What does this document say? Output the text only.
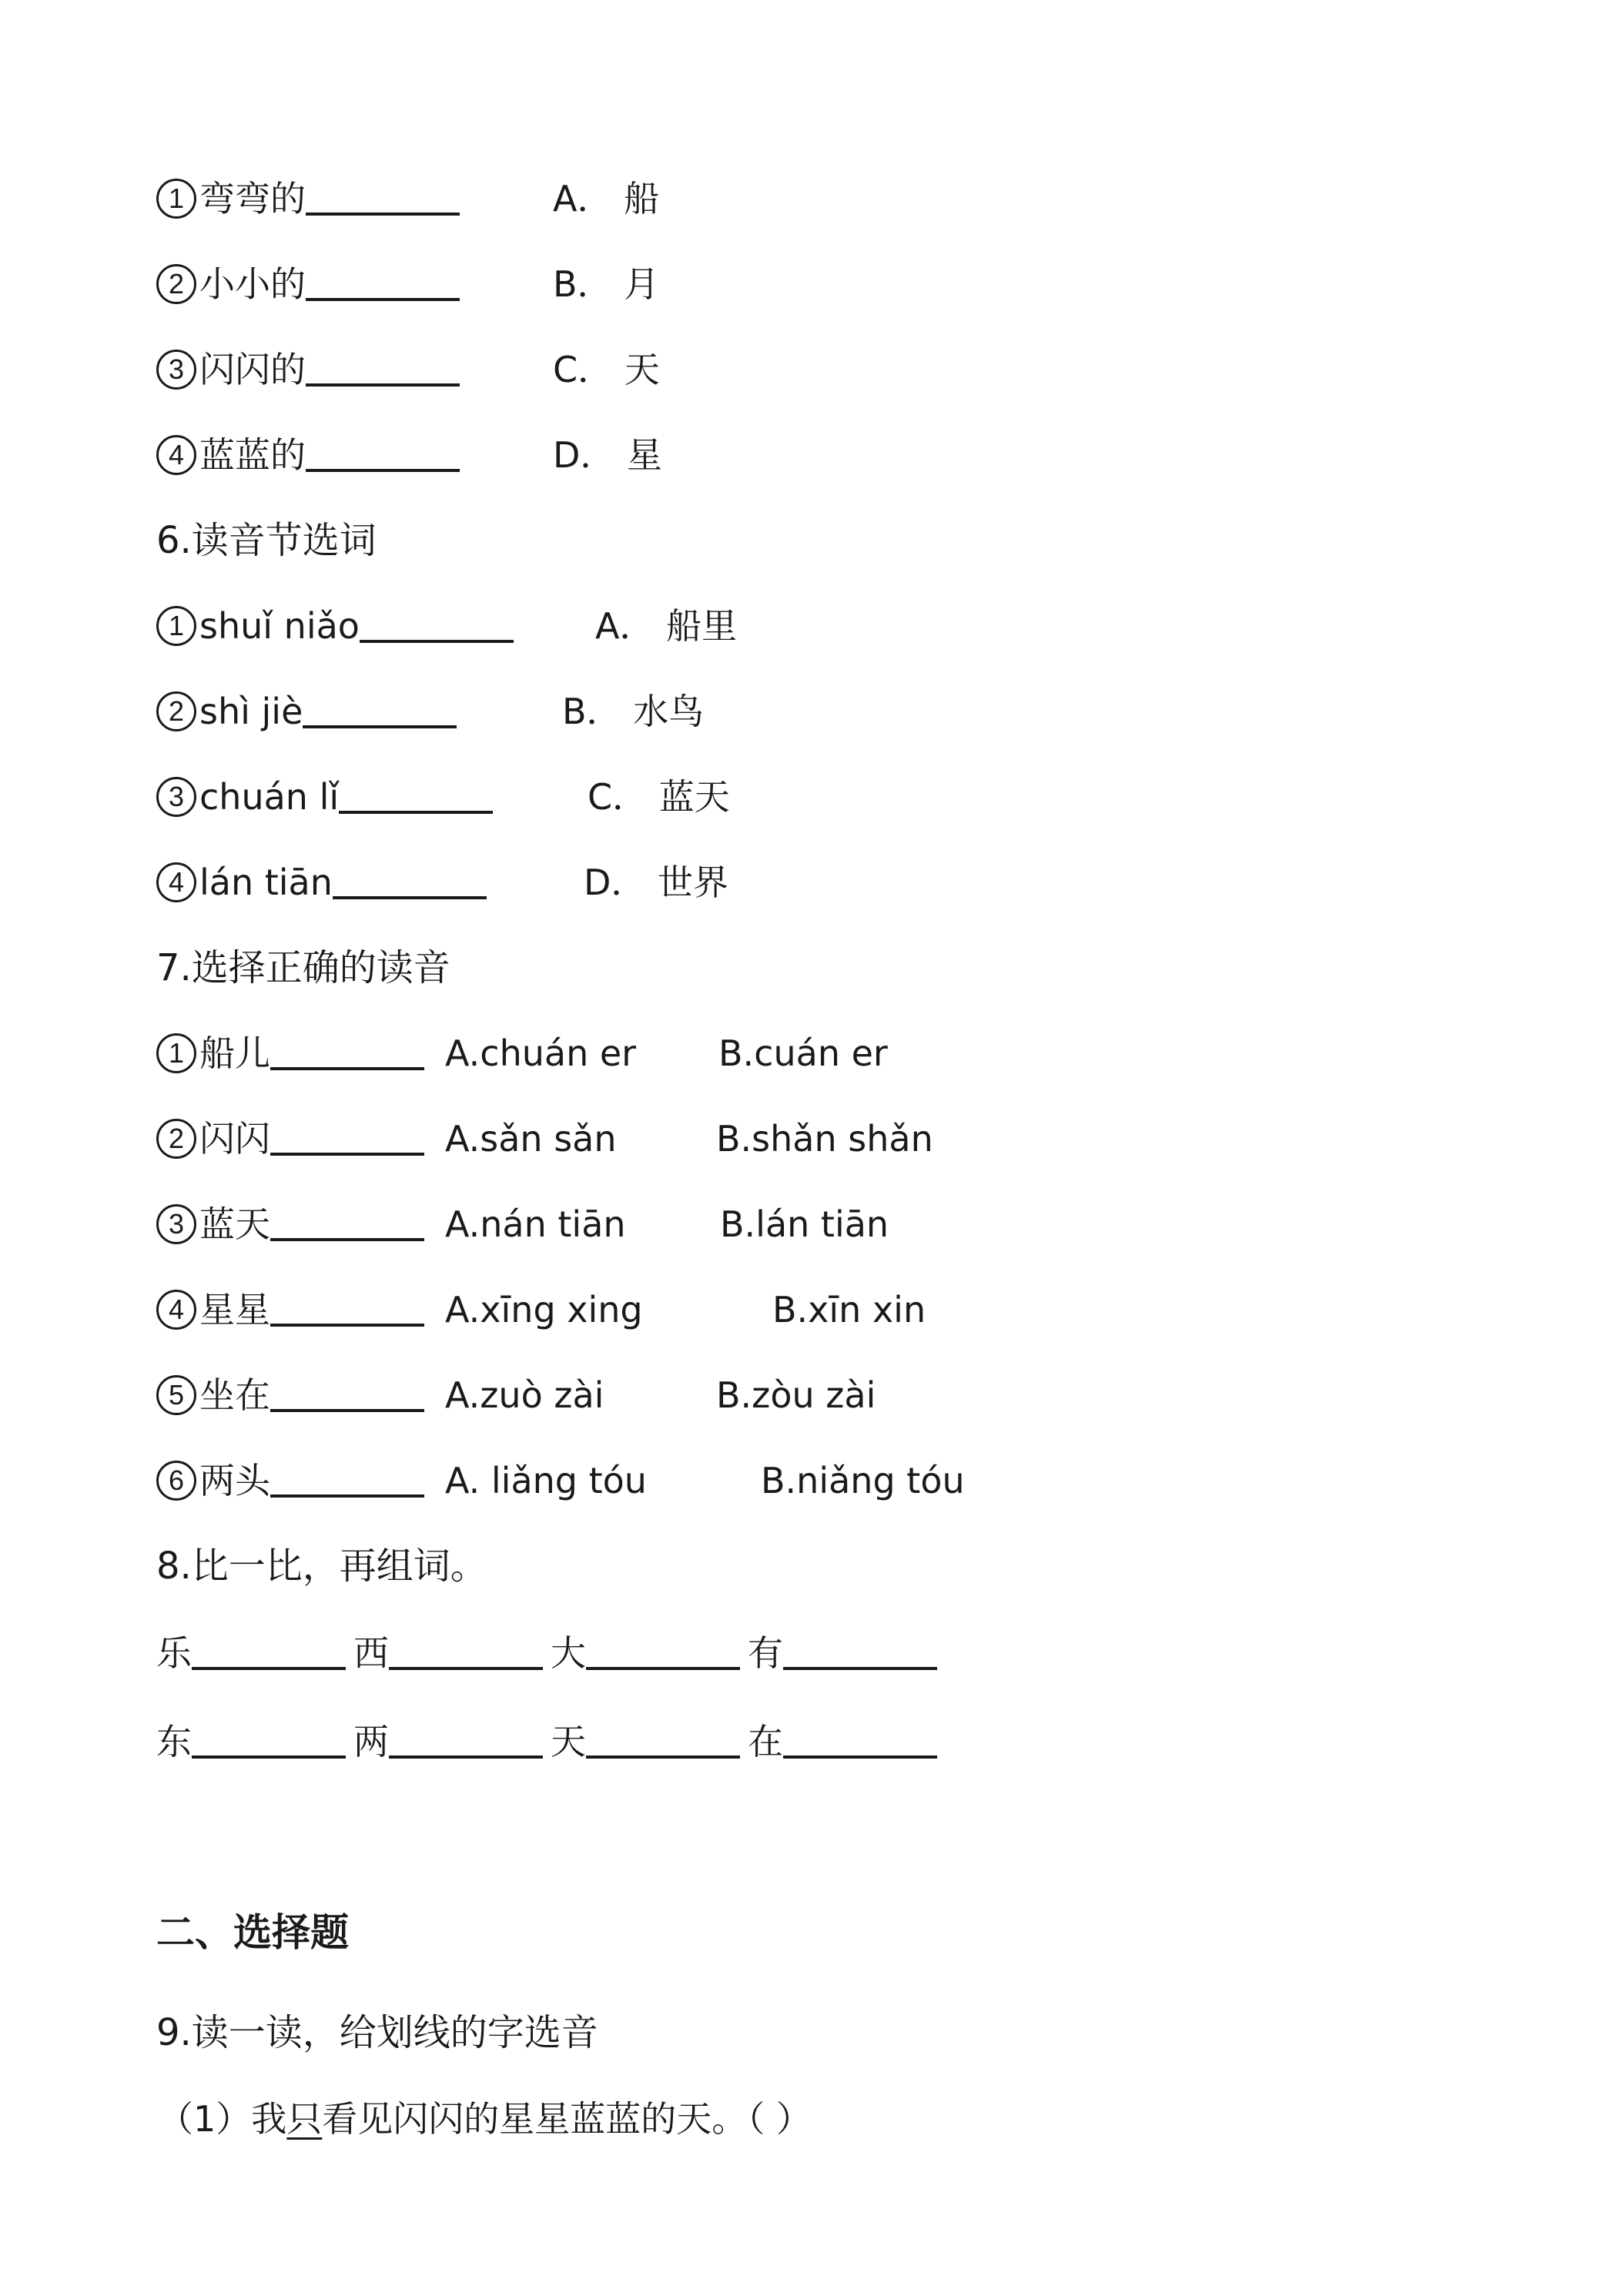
1 弯弯的	A． 船
2 小小的	B． 月
3 闪闪的	C． 天
4 蓝蓝的	D． 星
6.读音节选词
1 shuǐ niǎo	A． 船里
2 shì jiè	B． 水鸟
3 chuán lǐ	C． 蓝天
4 lán tiān	D． 世界
7.选择正确的读音
1 船儿	A.chuán er B.cuán er
2 闪闪	A.sǎn sǎn	B.shǎn shǎn
3 蓝天	A.nán tiān	B.lán tiān
4 星星	A.xīng xing	B.xīn xin
5 坐在	A.zuò zài	B.zòu zài
6 两头	A. liǎng tóu	B.niǎng tóu
8.比一比，再组词。
乐	西	大	有
东	两	天	在
二、选择题
9.读一读，给划线的字选音
（1）我 只 看见闪闪的星星蓝蓝的天。（ ）
